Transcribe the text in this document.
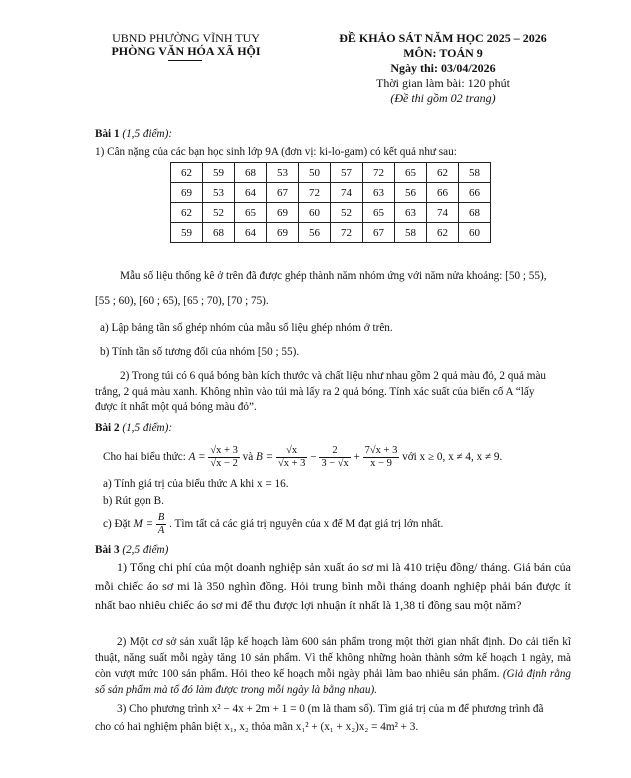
UBND PHƯỜNG VĨNH TUY
PHÒNG VĂN HÓA XÃ HỘI
ĐỀ KHẢO SÁT NĂM HỌC 2025 – 2026
MÔN: TOÁN 9
Ngày thi: 03/04/2026
Thời gian làm bài: 120 phút
(Đề thi gồm 02 trang)
Bài 1 (1,5 điểm):
1) Cân nặng của các bạn học sinh lớp 9A (đơn vị: ki-lo-gam) có kết quả như sau:
62	59	68	53	50	57	72	65	62	58
69	53	64	67	72	74	63	56	66	66
62	52	65	69	60	52	65	63	74	68
59	68	64	69	56	72	67	58	62	60
Mẫu số liệu thống kê ở trên đã được ghép thành năm nhóm ứng với năm nửa khoảng: [50 ; 55),
[55 ; 60), [60 ; 65), [65 ; 70), [70 ; 75).
a) Lập bảng tần số ghép nhóm của mẫu số liệu ghép nhóm ở trên.
b) Tính tần số tương đối của nhóm [50 ; 55).
2) Trong túi có 6 quả bóng bàn kích thước và chất liệu như nhau gồm 2 quả màu đỏ, 2 quả màu
trắng, 2 quả màu xanh. Không nhìn vào túi mà lấy ra 2 quả bóng. Tính xác suất của biến cố A “lấy
được ít nhất một quả bóng màu đỏ”.
Bài 2 (1,5 điểm):
Cho hai biểu thức: $A = \frac{√x + 3}{√x - 2}$ và $B = \frac{√x}{√x + 3} - \frac{2}{3 - √x} + \frac{7√x + 3}{x - 9}$ với x ≥ 0, x ≠ 4, x ≠ 9.
a) Tính giá trị của biểu thức A khi x = 16.
b) Rút gọn B.
c) Đặt $M = \frac{B}{A}$ . Tìm tất cả các giá trị nguyên của x để M đạt giá trị lớn nhất.
Bài 3 (2,5 điểm)
1) Tổng chi phí của một doanh nghiệp sản xuất áo sơ mi là 410 triệu đồng/ tháng. Giá bán của mỗi chiếc áo sơ mi là 350 nghìn đồng. Hỏi trung bình mỗi tháng doanh nghiệp phải bán được ít nhất bao nhiêu chiếc áo sơ mi để thu được lợi nhuận ít nhất là 1,38 tỉ đồng sau một năm?
2) Một cơ sở sản xuất lập kế hoạch làm 600 sản phẩm trong một thời gian nhất định. Do cải tiến kĩ thuật, năng suất mỗi ngày tăng 10 sản phẩm. Vì thế không những hoàn thành sớm kế hoạch 1 ngày, mà còn vượt mức 100 sản phẩm. Hỏi theo kế hoạch mỗi ngày phải làm bao nhiêu sản phẩm. (Giả định rằng số sản phẩm mà tổ đó làm được trong mỗi ngày là bằng nhau).
3) Cho phương trình x² − 4x + 2m + 1 = 0 (m là tham số). Tìm giá trị của m để phương trình đã
cho có hai nghiệm phân biệt x₁, x₂ thỏa mãn x₁² + (x₁ + x₂)x₂ = 4m² + 3.
